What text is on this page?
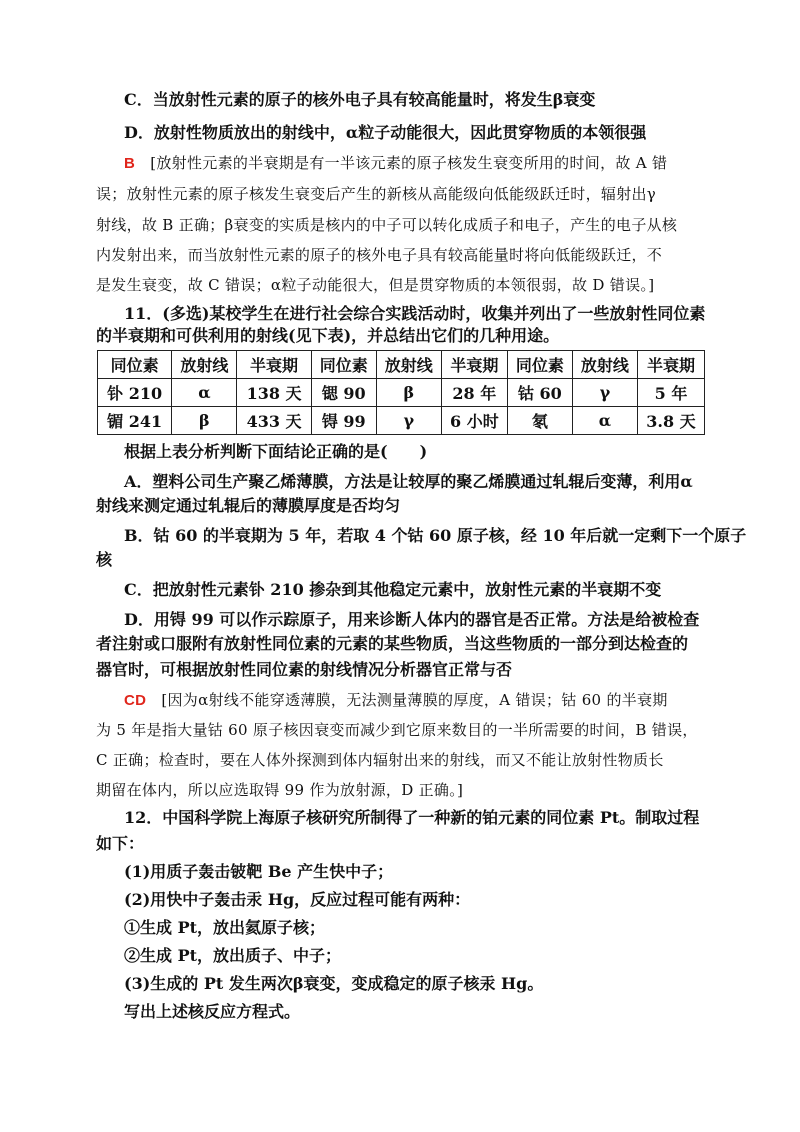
C．当放射性元素的原子的核外电子具有较高能量时，将发生β衰变
D．放射性物质放出的射线中，α粒子动能很大，因此贯穿物质的本领很强
B [放射性元素的半衰期是有一半该元素的原子核发生衰变所用的时间，故 A 错
误；放射性元素的原子核发生衰变后产生的新核从高能级向低能级跃迁时，辐射出γ
射线，故 B 正确；β衰变的实质是核内的中子可以转化成质子和电子，产生的电子从核
内发射出来，而当放射性元素的原子的核外电子具有较高能量时将向低能级跃迁，不
是发生衰变，故 C 错误；α粒子动能很大，但是贯穿物质的本领很弱，故 D 错误。]
11．(多选)某校学生在进行社会综合实践活动时，收集并列出了一些放射性同位素
的半衰期和可供利用的射线(见下表)，并总结出它们的几种用途。
同位素	放射线	半衰期	同位素	放射线	半衰期	同位素	放射线	半衰期
钋 210	α	138 天	锶 90	β	28 年	钴 60	γ	5 年
镅 241	β	433 天	锝 99	γ	6 小时	氡	α	3.8 天
根据上表分析判断下面结论正确的是(　　)
A．塑料公司生产聚乙烯薄膜，方法是让较厚的聚乙烯膜通过轧辊后变薄，利用α
射线来测定通过轧辊后的薄膜厚度是否均匀
B．钴 60 的半衰期为 5 年，若取 4 个钴 60 原子核，经 10 年后就一定剩下一个原子
核
C．把放射性元素钋 210 掺杂到其他稳定元素中，放射性元素的半衰期不变
D．用锝 99 可以作示踪原子，用来诊断人体内的器官是否正常。方法是给被检查
者注射或口服附有放射性同位素的元素的某些物质，当这些物质的一部分到达检查的
器官时，可根据放射性同位素的射线情况分析器官正常与否
CD [因为α射线不能穿透薄膜，无法测量薄膜的厚度，A 错误；钴 60 的半衰期
为 5 年是指大量钴 60 原子核因衰变而减少到它原来数目的一半所需要的时间，B 错误，
C 正确；检查时，要在人体外探测到体内辐射出来的射线，而又不能让放射性物质长
期留在体内，所以应选取锝 99 作为放射源，D 正确。]
12．中国科学院上海原子核研究所制得了一种新的铂元素的同位素 Pt。制取过程
如下：
(1)用质子轰击铍靶 Be 产生快中子；
(2)用快中子轰击汞 Hg，反应过程可能有两种：
①生成 Pt，放出氦原子核；
②生成 Pt，放出质子、中子；
(3)生成的 Pt 发生两次β衰变，变成稳定的原子核汞 Hg。
写出上述核反应方程式。
